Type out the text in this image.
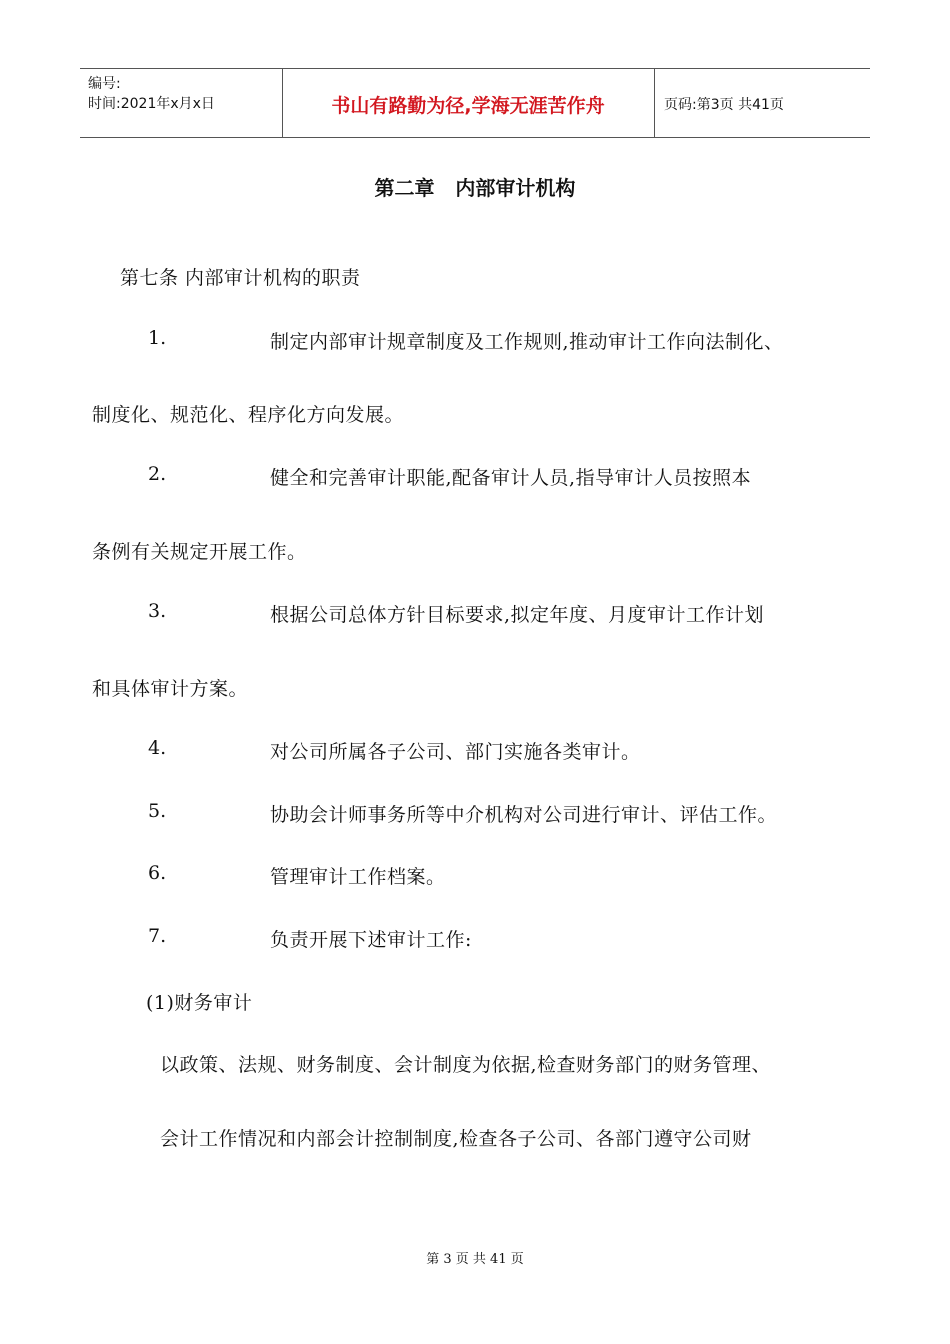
编号:
时间:2021年x月x日	书山有路勤为径,学海无涯苦作舟	页码:第3页 共41页
第二章   内部审计机构
第七条 内部审计机构的职责
1.	制定内部审计规章制度及工作规则,推动审计工作向法制化、
制度化、规范化、程序化方向发展。
2.	健全和完善审计职能,配备审计人员,指导审计人员按照本
条例有关规定开展工作。
3.	根据公司总体方针目标要求,拟定年度、月度审计工作计划
和具体审计方案。
4.	对公司所属各子公司、部门实施各类审计。
5.	协助会计师事务所等中介机构对公司进行审计、评估工作。
6.	管理审计工作档案。
7.	负责开展下述审计工作:
(1)财务审计
以政策、法规、财务制度、会计制度为依据,检查财务部门的财务管理、
会计工作情况和内部会计控制制度,检查各子公司、各部门遵守公司财
第 3 页 共 41 页
